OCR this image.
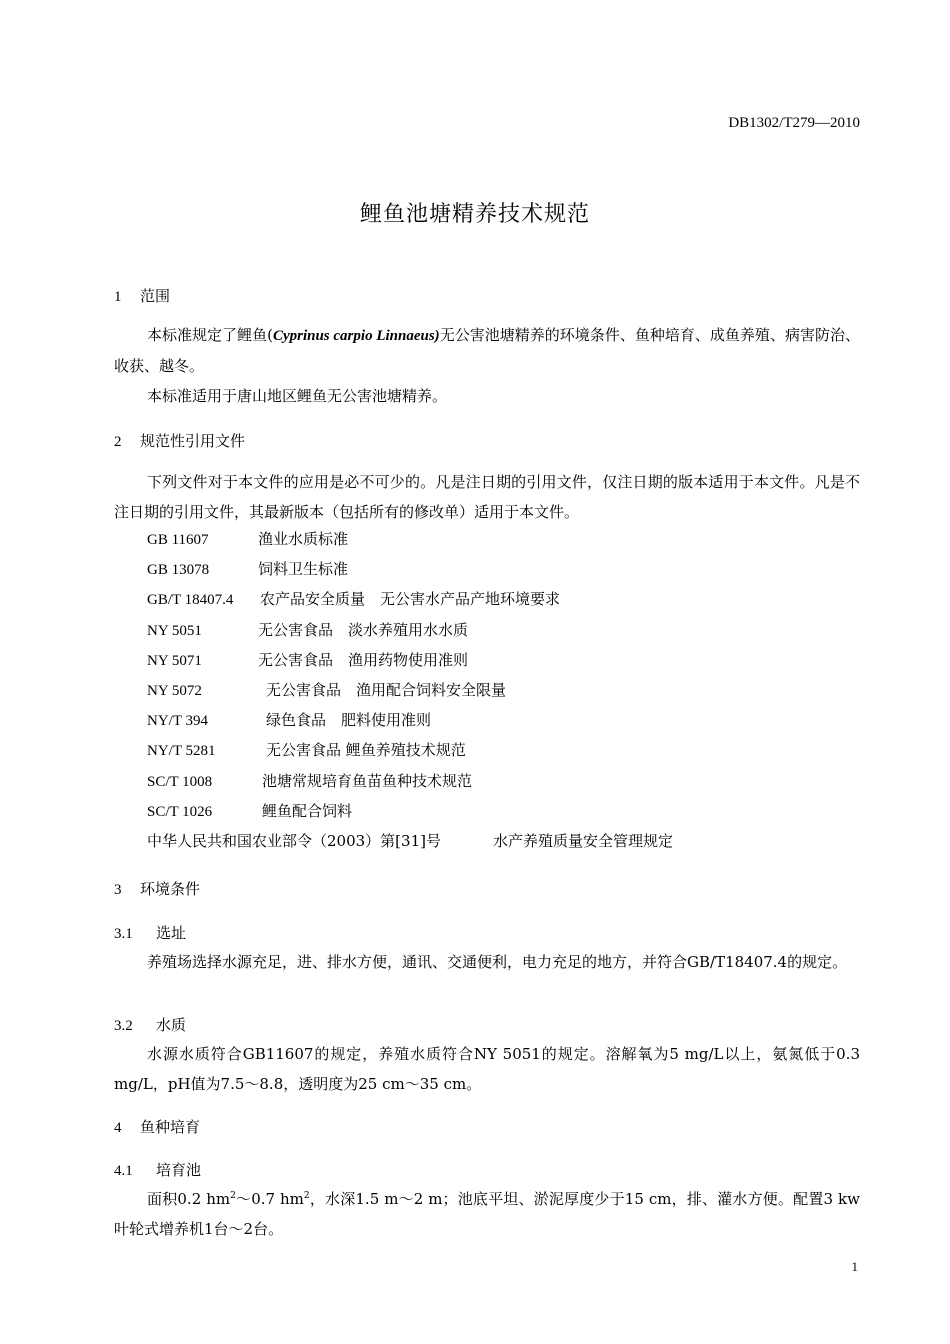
DB1302/T279—2010
鲤鱼池塘精养技术规范
1 范围

本标准规定了鲤鱼(Cyprinus carpio Linnaeus)无公害池塘精养的环境条件、鱼种培育、成鱼养殖、病害防治、收获、越冬。

本标准适用于唐山地区鲤鱼无公害池塘精养。

2 规范性引用文件

下列文件对于本文件的应用是必不可少的。凡是注日期的引用文件，仅注日期的版本适用于本文件。凡是不注日期的引用文件，其最新版本（包括所有的修改单）适用于本文件。

GB 11607	渔业水质标准
GB 13078	饲料卫生标准
GB/T 18407.4 农产品安全质量　无公害水产品产地环境要求
NY 5051	无公害食品　淡水养殖用水水质
NY 5071	无公害食品　渔用药物使用准则
NY 5072	无公害食品　渔用配合饲料安全限量
NY/T 394	绿色食品　肥料使用准则
NY/T 5281	无公害食品 鲤鱼养殖技术规范
SC/T 1008	池塘常规培育鱼苗鱼种技术规范
SC/T 1026	鲤鱼配合饲料
中华人民共和国农业部令（2003）第[31]号	水产养殖质量安全管理规定
3 环境条件
3.1 选址

养殖场选择水源充足，进、排水方便，通讯、交通便利，电力充足的地方，并符合GB/T18407.4的规定。

3.2 水质

水源水质符合GB11607的规定，养殖水质符合NY 5051的规定。溶解氧为5 mg/L以上，氨氮低于0.3 mg/L，pH值为7.5～8.8，透明度为25 cm～35 cm。

4 鱼种培育
4.1 培育池

面积0.2 $hm^2\sim 0.7$ $hm^2$，水深1.5 m～2 m；池底平坦、淤泥厚度少于15 cm，排、灌水方便。配置3 kw叶轮式增养机1台～2台。

1
